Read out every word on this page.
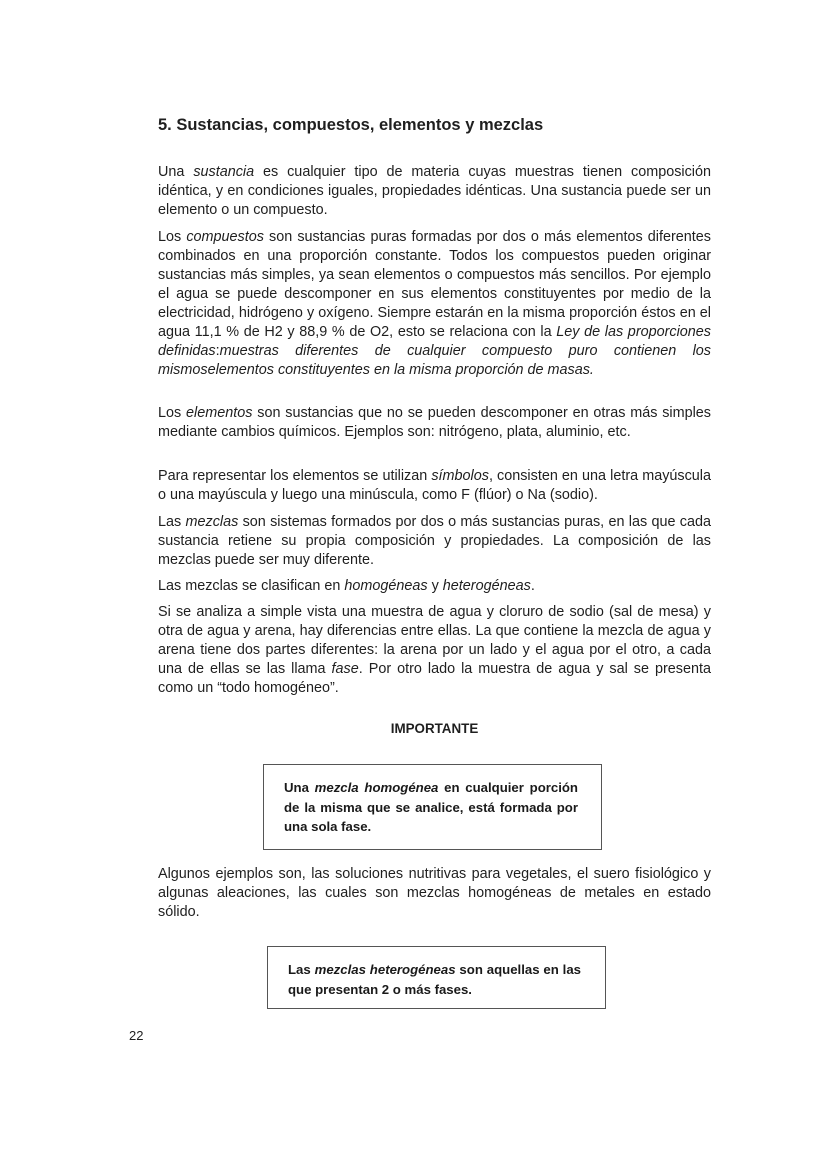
5. Sustancias, compuestos, elementos y mezclas

Una sustancia es cualquier tipo de materia cuyas muestras tienen composición idéntica, y en condiciones iguales, propiedades idénticas. Una sustancia puede ser un elemento o un compuesto.

Los compuestos son sustancias puras formadas por dos o más elementos diferentes combinados en una proporción constante. Todos los compuestos pueden originar sustancias más simples, ya sean elementos o compuestos más sencillos. Por ejemplo el agua se puede descomponer en sus elementos constituyentes por medio de la electricidad, hidrógeno y oxígeno. Siempre estarán en la misma proporción éstos en el agua 11,1 % de H2 y 88,9 % de O2, esto se relaciona con la Ley de las proporciones definidas:muestras diferentes de cualquier compuesto puro contienen los mismoselementos constituyentes en la misma proporción de masas.

Los elementos son sustancias que no se pueden descomponer en otras más simples mediante cambios químicos. Ejemplos son: nitrógeno, plata, aluminio, etc.

Para representar los elementos se utilizan símbolos, consisten en una letra mayúscula o una mayúscula y luego una minúscula, como F (flúor) o Na (sodio).

Las mezclas son sistemas formados por dos o más sustancias puras, en las que cada sustancia retiene su propia composición y propiedades. La composición de las mezclas puede ser muy diferente.

Las mezclas se clasifican en homogéneas y heterogéneas.

Si se analiza a simple vista una muestra de agua y cloruro de sodio (sal de mesa) y otra de agua y arena, hay diferencias entre ellas. La que contiene la mezcla de agua y arena tiene dos partes diferentes: la arena por un lado y el agua por el otro, a cada una de ellas se las llama fase. Por otro lado la muestra de agua y sal se presenta como un “todo homogéneo”.

IMPORTANTE

Una mezcla homogénea en cualquier porción de la misma que se analice, está formada por una sola fase.

Algunos ejemplos son, las soluciones nutritivas para vegetales, el suero fisiológico y algunas aleaciones, las cuales son mezclas homogéneas de metales en estado sólido.

Las mezclas heterogéneas son aquellas en las que presentan 2 o más fases.

22
